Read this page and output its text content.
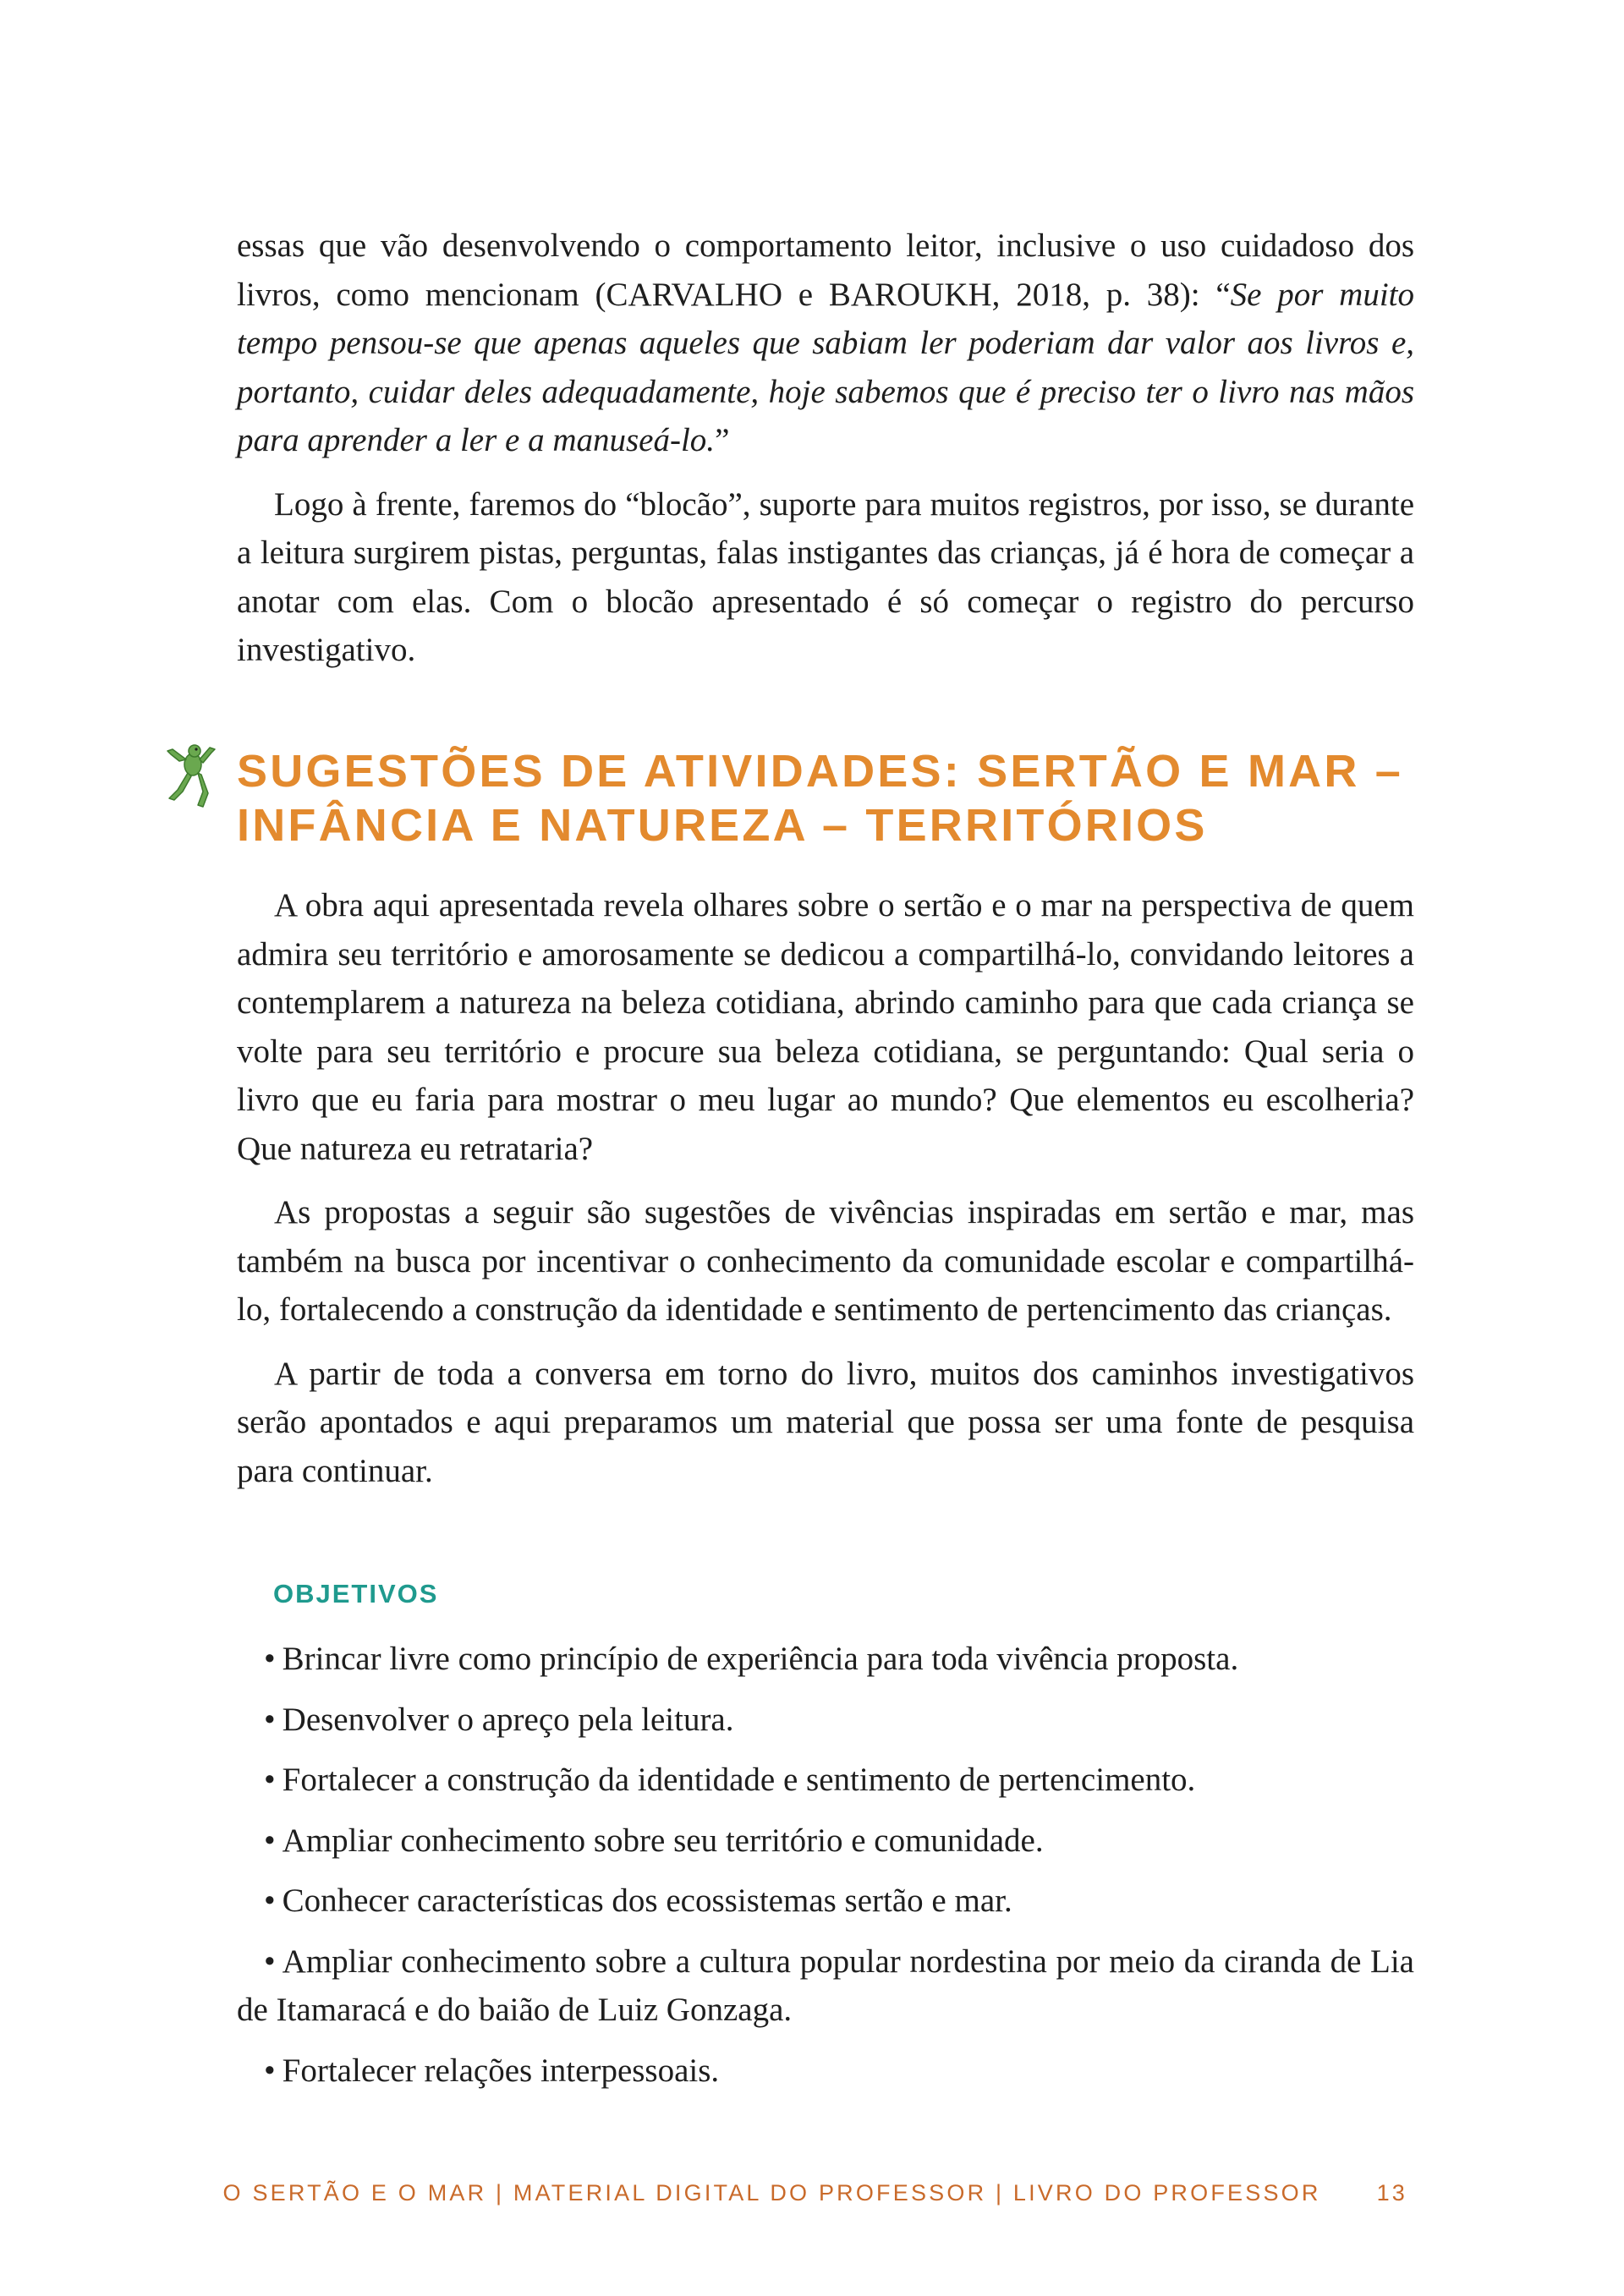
essas que vão desenvolvendo o comportamento leitor, inclusive o uso cuidadoso dos livros, como mencionam (CARVALHO e BAROUKH, 2018, p. 38): “Se por muito tempo pensou-se que apenas aqueles que sabiam ler poderiam dar valor aos livros e, portanto, cuidar deles adequadamente, hoje sabemos que é preciso ter o livro nas mãos para aprender a ler e a manuseá-lo.”

Logo à frente, faremos do “blocão”, suporte para muitos registros, por isso, se durante a leitura surgirem pistas, perguntas, falas instigantes das crianças, já é hora de começar a anotar com elas. Com o blocão apresentado é só começar o registro do percurso investigativo.

SUGESTÕES DE ATIVIDADES: SERTÃO E MAR –
INFÂNCIA E NATUREZA – TERRITÓRIOS

A obra aqui apresentada revela olhares sobre o sertão e o mar na perspectiva de quem admira seu território e amorosamente se dedicou a compartilhá-lo, convidando leitores a contemplarem a natureza na beleza cotidiana, abrindo caminho para que cada criança se volte para seu território e procure sua beleza cotidiana, se perguntando: Qual seria o livro que eu faria para mostrar o meu lugar ao mundo? Que elementos eu escolheria? Que natureza eu retrataria?

As propostas a seguir são sugestões de vivências inspiradas em sertão e mar, mas também na busca por incentivar o conhecimento da comunidade escolar e compartilhá-lo, fortalecendo a construção da identidade e sentimento de pertencimento das crianças.

A partir de toda a conversa em torno do livro, muitos dos caminhos investigativos serão apontados e aqui preparamos um material que possa ser uma fonte de pesquisa para continuar.

OBJETIVOS
• Brincar livre como princípio de experiência para toda vivência proposta.
• Desenvolver o apreço pela leitura.
• Fortalecer a construção da identidade e sentimento de pertencimento.
• Ampliar conhecimento sobre seu território e comunidade.
• Conhecer características dos ecossistemas sertão e mar.
• Ampliar conhecimento sobre a cultura popular nordestina por meio da ciranda de Lia de Itamaracá e do baião de Luiz Gonzaga.
• Fortalecer relações interpessoais.
O SERTÃO E O MAR | MATERIAL DIGITAL DO PROFESSOR | LIVRO DO PROFESSOR 13
